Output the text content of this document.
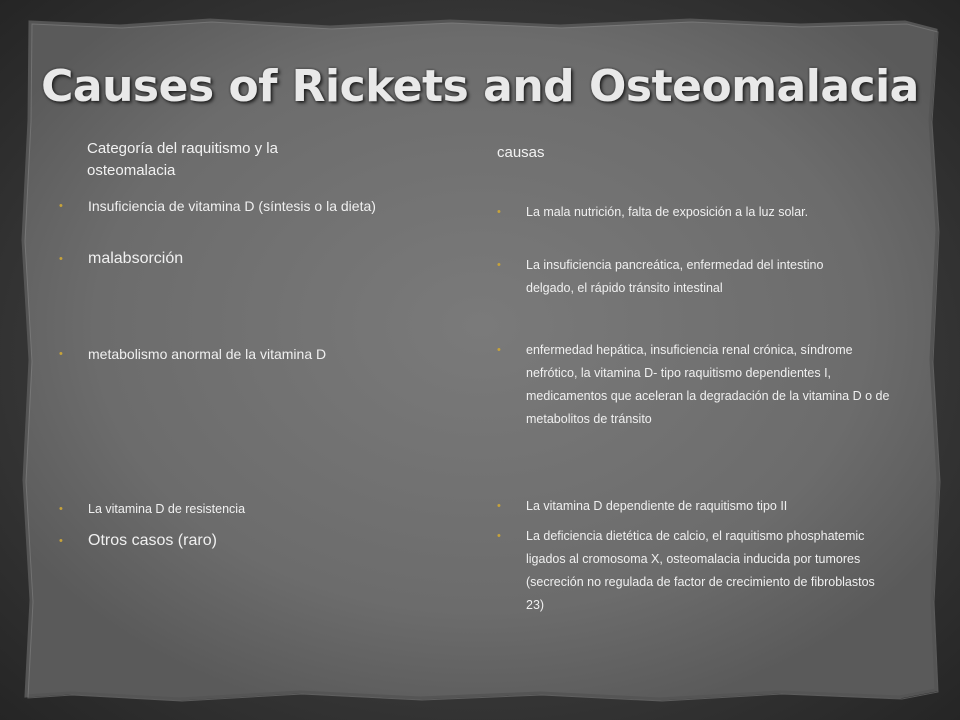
Causes of Rickets and Osteomalacia
Categoría del raquitismo y la osteomalacia
• Insuficiencia de vitamina D (síntesis o la dieta)
• malabsorción
• metabolismo anormal de la vitamina D
• La vitamina D de resistencia
• Otros casos (raro)
causas
• La mala nutrición, falta de exposición a la luz solar.
• La insuficiencia pancreática, enfermedad del intestino delgado, el rápido tránsito intestinal
• enfermedad hepática, insuficiencia renal crónica, síndrome nefrótico, la vitamina D- tipo raquitismo dependientes I, medicamentos que aceleran la degradación de la vitamina D o de metabolitos de tránsito
• La vitamina D dependiente de raquitismo tipo II
• La deficiencia dietética de calcio, el raquitismo phosphatemic ligados al cromosoma X, osteomalacia inducida por tumores (secreción no regulada de factor de crecimiento de fibroblastos 23)
